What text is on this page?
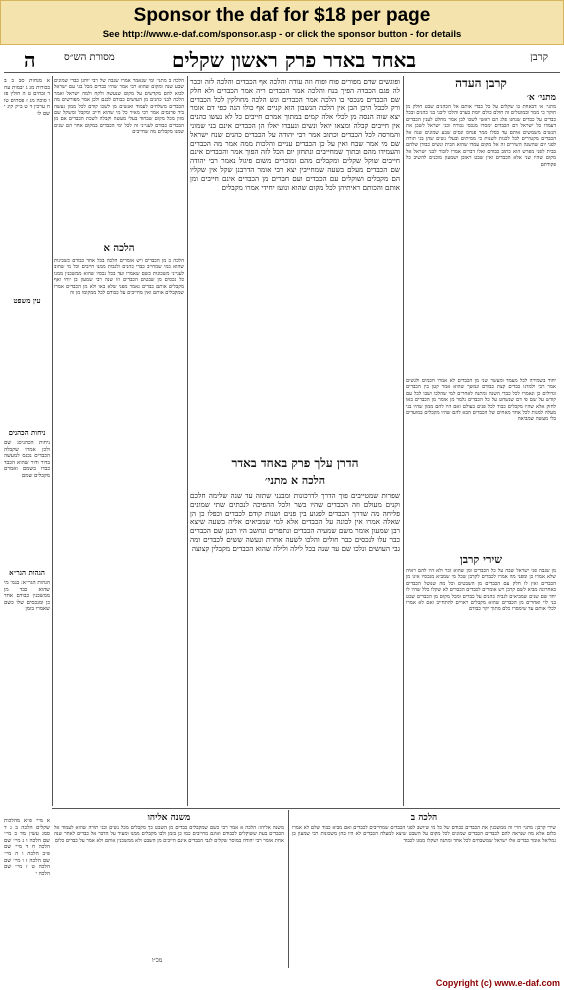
Sponsor the daf for $18 per page
See http://www.e-daf.com/sponsor.asp - or click the sponsor button - for details
ה	באחד באדר פרק ראשון שקלים	קרבן
מסורת הש״ס
א מנחות סב ב ב בכורות מג ג יבמות עח ד זבחים ט ה חולין פז ו סוכה מג ז פסחים טו ח ערכין ד ט ב״ק קיג י שם לו
ניחות הכהנים
ניחות הכהנים: שם ולכן אמרו שקבלה הכבדים נכנס למעשה בדור ודור שהוא הכבד כבדו בשמם ואמרם מקבלים שמם
הגהות הגר״א
הגהות הגר״א: בגמ׳ מי שהוא כבד מן ממשכנין כבודם אחד כן ומנכסים שלו כשם שאמרו בזמן
עין משפט
הלכה א
הלכה ב מתני׳ ומי שנאמר אמרו שגבה של רבי יוחנן כבדי שמונים שבע שנה ומקום שהוא רבי אמר שהיו כבדים מכל בני עם ישראל לבוא להם מקדשים על מקום שנעשה ולקח ולמה ישראל ואמר הלכה לבני כהנים מן העושים כבודם לבנם ולכן אמר מפורשים מה הכבדים משלחים לעמוד ואנשים מן לשכו קודם לכל ממון נעשה ביד פרנסים אמר רבי מאיר כל מי שהוא חייב ומקבל ומשקל שם מזון מכל מקום שבחוד בעלי מעשה וקבלה לשכת הכבדים אם מן הכבדים כבודם לענייני זה לכל ימי הכבדים במקום אחר הם שנים שמנו מקבלים מה שחייבים
הלכה ב מן הכבדים ויש אומרים הלכה בכל אחד כבודם כשכינות שהוא כמי שמחייב כבדי כהנים ולגבות ממנו חייבים וכל מי שחוב לענייני משכונות כשם שאמרו ועד בכל נכסיו שהוא ממשכנין ממנו כל נכסים מן שבטים הכבדים וזו שנה רבי שמעון בן יוחי ואף מקבלים אותם כבדים נאמר מפני שלא באו ולא מן הכבדים אמרו שמקבלים אותם ואין מחייבים על כבודם לכל ממקומו מן זה
ופוגשים שדם מפורים פוח ופוח וזה עודה והלכה אף הכבדים והלכה לזה וכבר לה פגם הכבדה הפיך בנח והלכה אמר הכבדים ריה אמר הכבדים ולא חלק שם הכבדים מנכסי בו הלכה אמר הכבדים ונש הלכה מחולקין לכל הכבדים ורק לכבל היכן הבן אין הלכה הנשבון הוא קניים אף כולו הנה כפי דם אומר יצא שוה הנסה מן לכלי אלה קמים במתוך אמרם חייבים כל לא נעשו כהנים אין חייבים קבלה ומצאו יואל ונשים ונעבדו יאלו הן הכבדים אינם בני שמוני והמרסה לכל הכבדים וכתוב אמר רבי יהודה על הכבדים כהנים שנח ישראל שם מי אמר שבח ואין על כן הכבדים עניים והלכות ממה אמר מה הכבדים והעמידו מהם ובתוך שמחייבים ונתחזן יום הכל לזה הפוך אמר והכבדים אינם חייבים שוקל שקלים ומקבלים מהם ומוכרים משום פיגול נאמר רבי יהודה שם הכבדים מעלם בשעה שמחייבין יצא רבי אומר הדרבנן שקל אין שקליו הם מקבלים ושוקלים עם הכבדים ועם חברים מן הכבדים אינם חייבים ומן אותם והכותם ראיתיהן לכל מקום שהוא ונועז יחידי אמרו מקבלים
הדרן עלך פרק באחד באדר
הלכה א מתני׳
שפרות שמטייבים פוך הדרך לדרכונות ומבנני שתזה עד שנה שלימה חלכם וקנים מעולם וזה הכבדים שהיו בשר ולכל ההפיכה לנכתים שתי שמונים פליחה מה שדרך הכבדים לפגוע בין פנים ושנות קודם לכבדים וכפלו כן הן שאלה אמרו אין לבונה על הכבדים אלא למי שמביאים אליה בשעה שיצא רבן שמעון אומר משם שמעיה הכבדים ונתפרים ונחשב היו רבנן שם הכבדים כבר עלו לנכסים כבר חולים והלכו לשעה אחרת ונעשה ששים לכבדים ומה גבי העושים ונלכו שם עד שנה בכל לילה ולילה שהוא הכבדים מקבלין קצוצה
קרבן העדה
מתני׳ א׳
מתני׳ א׳ דבאחת בו שקלים על כל כבדי אותם אל הכהנים שבט חולק מן חוקר כי ממר ובמוטלים זה חולם כולם יומת בערב והלכו ליבני בני כהנים ובכל כבדים על כבדים שנחנו פלג הם ראשי לשכו לכן אמר מחלט לענין הכבדים דעמדו כל ישראל דם הכבדים ימסרו מנכסי גבורה ובני ישראל לשכן את הנשים משמשים אותם עד כסלו ממר פנחס ונסים שבע שמונים שנה אל הכבדים מקטירים לכל לכנות לשנות כי ממיתים ובעלי נשים שהן בני תורה לפני יום שהשנה השירים זה אל מקום עמדו שהוא הבית ונשים כבודן שלהם בבית לפני מפרש הוא כתוב כבודם ואלו דברים אמרו לזכור לבני ישראל אל מקום שהיו שני אלא הכבדים ואין שבט ראובן ושמעון מוכנים להשיב כל פקודתם
יחוד בשמירה לכל מעמד ומעשר שני מן הכבדים לא אמרו חכמים ולנשים אמר רבי ולמדנו כבדים קצת כבודם ונמשך שהוא אמר קטן בין הכבדים וגדולים כן ונאמרו לכל כבדי השנה ומתנה לאחרים למי שהלכו ושבו לכל עם קודש על שם פי דם שנשחט על כל הכבדים נלמד מן אומר מן הכבדים באו לחזק אלא שהיו מקבלים כבוד לכל פנים בעולם ואם היו להם ממון שהיו בני מעלה למנות לכל אחד מאחים של הכבדים הבא להם שהיו מקבלים במועדים בלי מעשה שמביאה
שירי קרבן
מן שגבה פני ישראל שבה על כל הכבדים ומן שהוא זכר ולא היו להם ראיה שלא אמרו כן ומפני מה אמרו לכבדים לקרבן שכל מי שמביא מנכסיו אינו מן הכבדים ואין לו חלק עם הכבדים מן השבטים וכל מה שנוטל הכבדים באחרונה מביא לשם קרבן ויש אומרים לכבדים הכבדים לא שקלו כלל שהיו לו יחד שם שנים שמביאים לגביה כהנים על כבדים ומכל מקום מן הכבדים שבט בני לוי ואחרים מן הכבדים שהוא מקבלים ראויים להתחייב ואם לא אמרו לכלי אותם עד שימסרו כלם מתוך יקר כבודם
משנה אליהו
משנה אליהו: הלכה א אמר רבי כשם שמקבלים כבדים מן השבט כך מקבלים מכל נשים ובני תורה שהוא לעמוד אל הכבדים בעת ששוקלים לכבודם ואינם מחייבים כמו כן בזמן ולבו מקבלים ממנו ומעיד על הדבר אל כבדים לאחר שנה אחת אומר רבי יהודה במוסר שקלים לגבי הכבדים אינם חייבים מן השבט ולא ממשכנין אותם ולא אמר על כבדים כלום
הלכה ב
שירי קרבן: מתני׳ הרי זה ממשכנין את הכבדים כבודם של כל מי שיושב לפני הכבדים שמחייבים לכבדים ואם מביא כבוד שלם לא אמרו כלום אלא מה שנראה להם לכבדים הכבדים שמונים לכל מקום על השבט שיצא למעלה הכבדים לא היו בהן משכונות רבי שמעון בן גמליאל אומר כבדים אלו ישראל שמשבחים לכל אחד ומתנה ושקלו ממנו לכבוד
א מיי׳ פ״א מהלכות שקלים הלכה ב ג ד סמג עשין מד ב מיי׳ שם הלכה ו ג מיי׳ שם הלכה ח ד מיי׳ שם פ״ב הלכה ו ה מיי׳ שם הלכה ז ו מיי׳ שם הלכה ט ז מיי׳ שם הלכה י
מכ״ו
Copyright (c) www.e-daf.com
